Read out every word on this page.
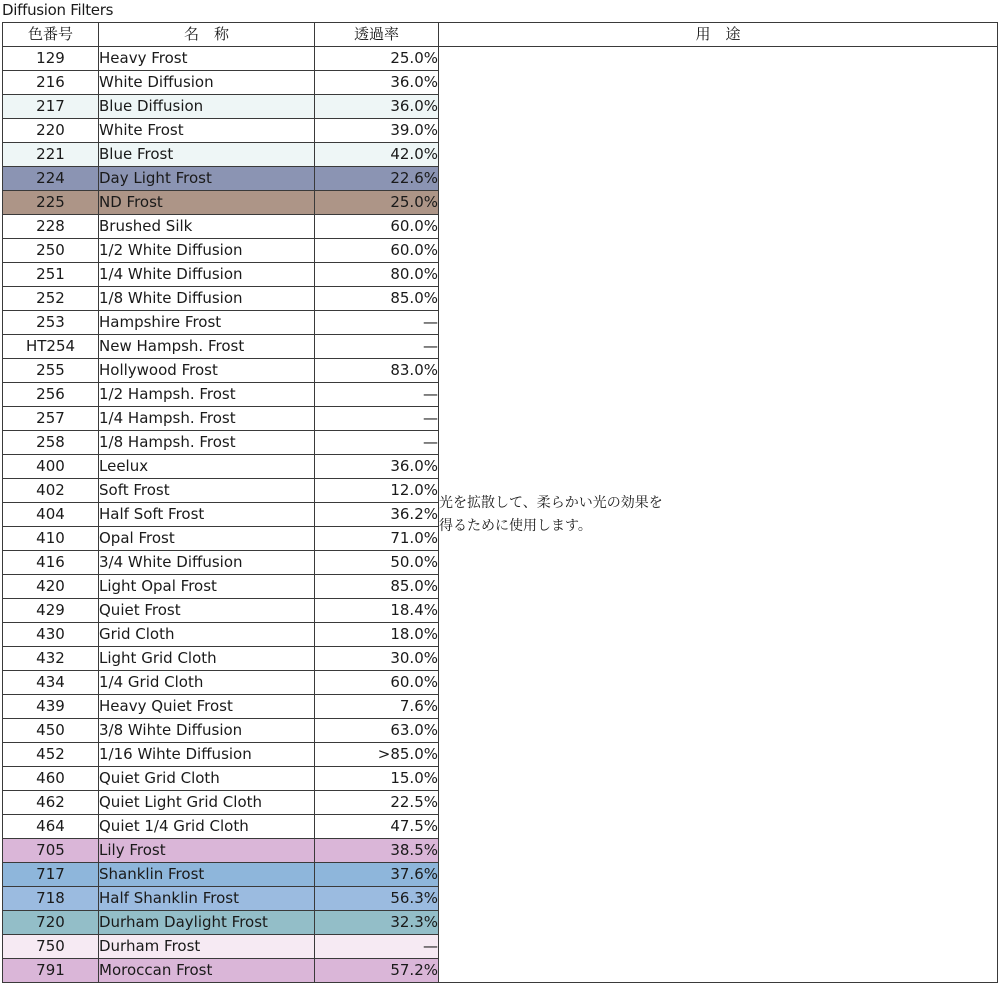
Diffusion Filters
色番号	名　称	透過率	用　途
129	Heavy Frost	25.0%	光を拡散して、柔らかい光の効果を
得るために使用します。

216	White Diffusion	36.0%	
217	Blue Diffusion	36.0%	
220	White Frost	39.0%	
221	Blue Frost	42.0%	
224	Day Light Frost	22.6%	
225	ND Frost	25.0%	
228	Brushed Silk	60.0%	
250	1/2 White Diffusion	60.0%	
251	1/4 White Diffusion	80.0%	
252	1/8 White Diffusion	85.0%	
253	Hampshire Frost	—	
HT254	New Hampsh. Frost	—	
255	Hollywood Frost	83.0%	
256	1/2 Hampsh. Frost	—	
257	1/4 Hampsh. Frost	—	
258	1/8 Hampsh. Frost	—	
400	Leelux	36.0%	
402	Soft Frost	12.0%	
404	Half Soft Frost	36.2%	
410	Opal Frost	71.0%	
416	3/4 White Diffusion	50.0%	
420	Light Opal Frost	85.0%	
429	Quiet Frost	18.4%	
430	Grid Cloth	18.0%	
432	Light Grid Cloth	30.0%	
434	1/4 Grid Cloth	60.0%	
439	Heavy Quiet Frost	7.6%	
450	3/8 Wihte Diffusion	63.0%	
452	1/16 Wihte Diffusion	>85.0%	
460	Quiet Grid Cloth	15.0%	
462	Quiet Light Grid Cloth	22.5%	
464	Quiet 1/4 Grid Cloth	47.5%	
705	Lily Frost	38.5%	
717	Shanklin Frost	37.6%	
718	Half Shanklin Frost	56.3%	
720	Durham Daylight Frost	32.3%	
750	Durham Frost	—	
791	Moroccan Frost	57.2%	
